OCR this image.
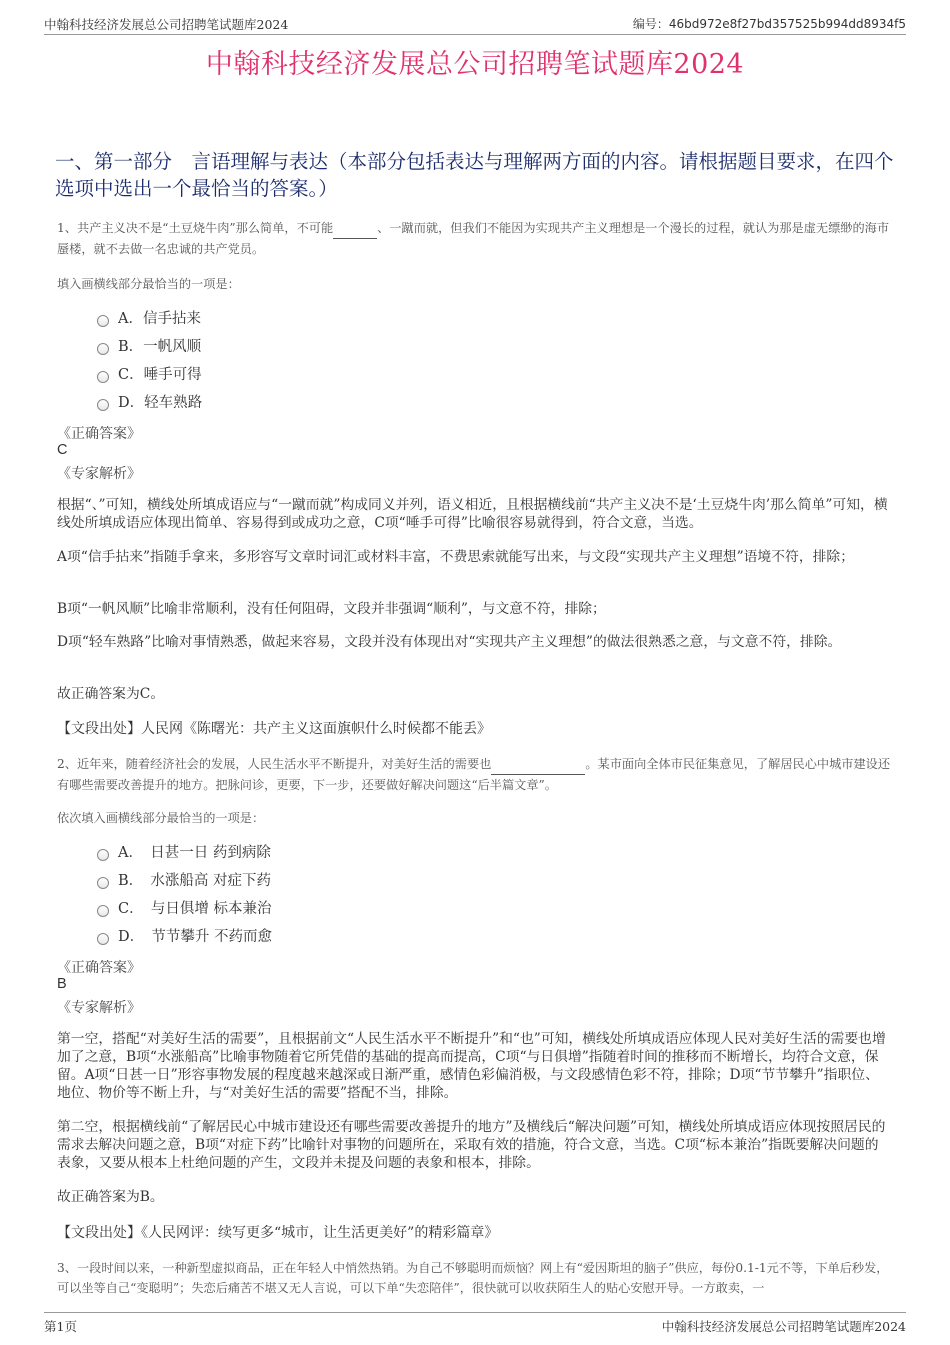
中翰科技经济发展总公司招聘笔试题库2024	编号：46bd972e8f27bd357525b994dd8934f5
中翰科技经济发展总公司招聘笔试题库2024
一、第一部分　言语理解与表达（本部分包括表达与理解两方面的内容。请根据题目要求，在四个选项中选出一个最恰当的答案。）
1、共产主义决不是“土豆烧牛肉”那么简单，不可能	、一蹴而就，但我们不能因为实现共产主义理想是一个漫长的过程，就认为那是虚无缥缈的海市蜃楼，就不去做一名忠诚的共产党员。
填入画横线部分最恰当的一项是：
A．信手拈来
B．一帆风顺
C．唾手可得
D．轻车熟路
《正确答案》
C
《专家解析》
根据“、”可知，横线处所填成语应与“一蹴而就”构成同义并列，语义相近，且根据横线前“共产主义决不是‘土豆烧牛肉’那么简单”可知，横线处所填成语应体现出简单、容易得到或成功之意，C项“唾手可得”比喻很容易就得到，符合文意，当选。
A项“信手拈来”指随手拿来，多形容写文章时词汇或材料丰富，不费思索就能写出来，与文段“实现共产主义理想”语境不符，排除；
B项“一帆风顺”比喻非常顺利，没有任何阻碍，文段并非强调“顺利”，与文意不符，排除；
D项“轻车熟路”比喻对事情熟悉，做起来容易，文段并没有体现出对“实现共产主义理想”的做法很熟悉之意，与文意不符，排除。
故正确答案为C。
【文段出处】人民网《陈曙光：共产主义这面旗帜什么时候都不能丢》
2、近年来，随着经济社会的发展，人民生活水平不断提升，对美好生活的需要也	。某市面向全体市民征集意见，了解居民心中城市建设还有哪些需要改善提升的地方。把脉问诊，更要，下一步，还要做好解决问题这“后半篇文章”。
依次填入画横线部分最恰当的一项是：
A．　日甚一日 药到病除
B．　水涨船高 对症下药
C．　与日俱增 标本兼治
D．　节节攀升 不药而愈
《正确答案》
B
《专家解析》
第一空，搭配“对美好生活的需要”，且根据前文“人民生活水平不断提升”和“也”可知，横线处所填成语应体现人民对美好生活的需要也增加了之意，B项“水涨船高”比喻事物随着它所凭借的基础的提高而提高，C项“与日俱增”指随着时间的推移而不断增长，均符合文意，保留。A项“日甚一日”形容事物发展的程度越来越深或日渐严重，感情色彩偏消极，与文段感情色彩不符，排除；D项“节节攀升”指职位、地位、物价等不断上升，与“对美好生活的需要”搭配不当，排除。
第二空，根据横线前“了解居民心中城市建设还有哪些需要改善提升的地方”及横线后“解决问题”可知，横线处所填成语应体现按照居民的需求去解决问题之意，B项“对症下药”比喻针对事物的问题所在，采取有效的措施，符合文意，当选。C项“标本兼治”指既要解决问题的表象，又要从根本上杜绝问题的产生，文段并未提及问题的表象和根本，排除。
故正确答案为B。
【文段出处】《人民网评：续写更多“城市，让生活更美好”的精彩篇章》
3、一段时间以来，一种新型虚拟商品，正在年轻人中悄然热销。为自己不够聪明而烦恼？网上有“爱因斯坦的脑子”供应，每份0.1-1元不等，下单后秒发，可以坐等自己“变聪明”；失恋后痛苦不堪又无人言说，可以下单“失恋陪伴”，很快就可以收获陌生人的贴心安慰开导。一方敢卖，一
第1页	中翰科技经济发展总公司招聘笔试题库2024
